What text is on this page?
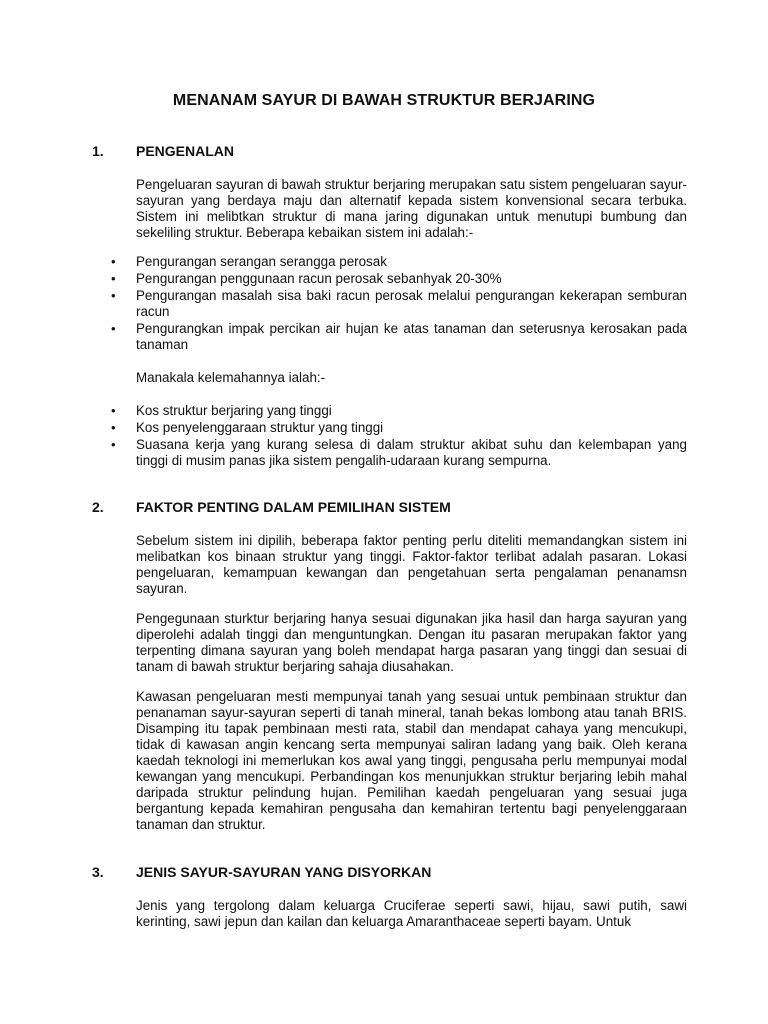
MENANAM SAYUR DI BAWAH STRUKTUR BERJARING
1. PENGENALAN
Pengeluaran sayuran di bawah struktur berjaring merupakan satu sistem pengeluaran sayur-sayuran yang berdaya maju dan alternatif kepada sistem konvensional secara terbuka. Sistem ini melibtkan struktur di mana jaring digunakan untuk menutupi bumbung dan sekeliling struktur. Beberapa kebaikan sistem ini adalah:-
• Pengurangan serangan serangga perosak
• Pengurangan penggunaan racun perosak sebanhyak 20-30%
• Pengurangan masalah sisa baki racun perosak melalui pengurangan kekerapan semburan racun
• Pengurangkan impak percikan air hujan ke atas tanaman dan seterusnya kerosakan pada tanaman
Manakala kelemahannya ialah:-
• Kos struktur berjaring yang tinggi
• Kos penyelenggaraan struktur yang tinggi
• Suasana kerja yang kurang selesa di dalam struktur akibat suhu dan kelembapan yang tinggi di musim panas jika sistem pengalih-udaraan kurang sempurna.
2. FAKTOR PENTING DALAM PEMILIHAN SISTEM
Sebelum sistem ini dipilih, beberapa faktor penting perlu diteliti memandangkan sistem ini melibatkan kos binaan struktur yang tinggi. Faktor-faktor terlibat adalah pasaran. Lokasi pengeluaran, kemampuan kewangan dan pengetahuan serta pengalaman penanamsn sayuran.
Pengegunaan sturktur berjaring hanya sesuai digunakan jika hasil dan harga sayuran yang diperolehi adalah tinggi dan menguntungkan. Dengan itu pasaran merupakan faktor yang terpenting dimana sayuran yang boleh mendapat harga pasaran yang tinggi dan sesuai di tanam di bawah struktur berjaring sahaja diusahakan.
Kawasan pengeluaran mesti mempunyai tanah yang sesuai untuk pembinaan struktur dan penanaman sayur-sayuran seperti di tanah mineral, tanah bekas lombong atau tanah BRIS. Disamping itu tapak pembinaan mesti rata, stabil dan mendapat cahaya yang mencukupi, tidak di kawasan angin kencang serta mempunyai saliran ladang yang baik. Oleh kerana kaedah teknologi ini memerlukan kos awal yang tinggi, pengusaha perlu mempunyai modal kewangan yang mencukupi. Perbandingan kos menunjukkan struktur berjaring lebih mahal daripada struktur pelindung hujan. Pemilihan kaedah pengeluaran yang sesuai juga bergantung kepada kemahiran pengusaha dan kemahiran tertentu bagi penyelenggaraan tanaman dan struktur.
3. JENIS SAYUR-SAYURAN YANG DISYORKAN
Jenis yang tergolong dalam keluarga Cruciferae seperti sawi, hijau, sawi putih, sawi kerinting, sawi jepun dan kailan dan keluarga Amaranthaceae seperti bayam. Untuk
